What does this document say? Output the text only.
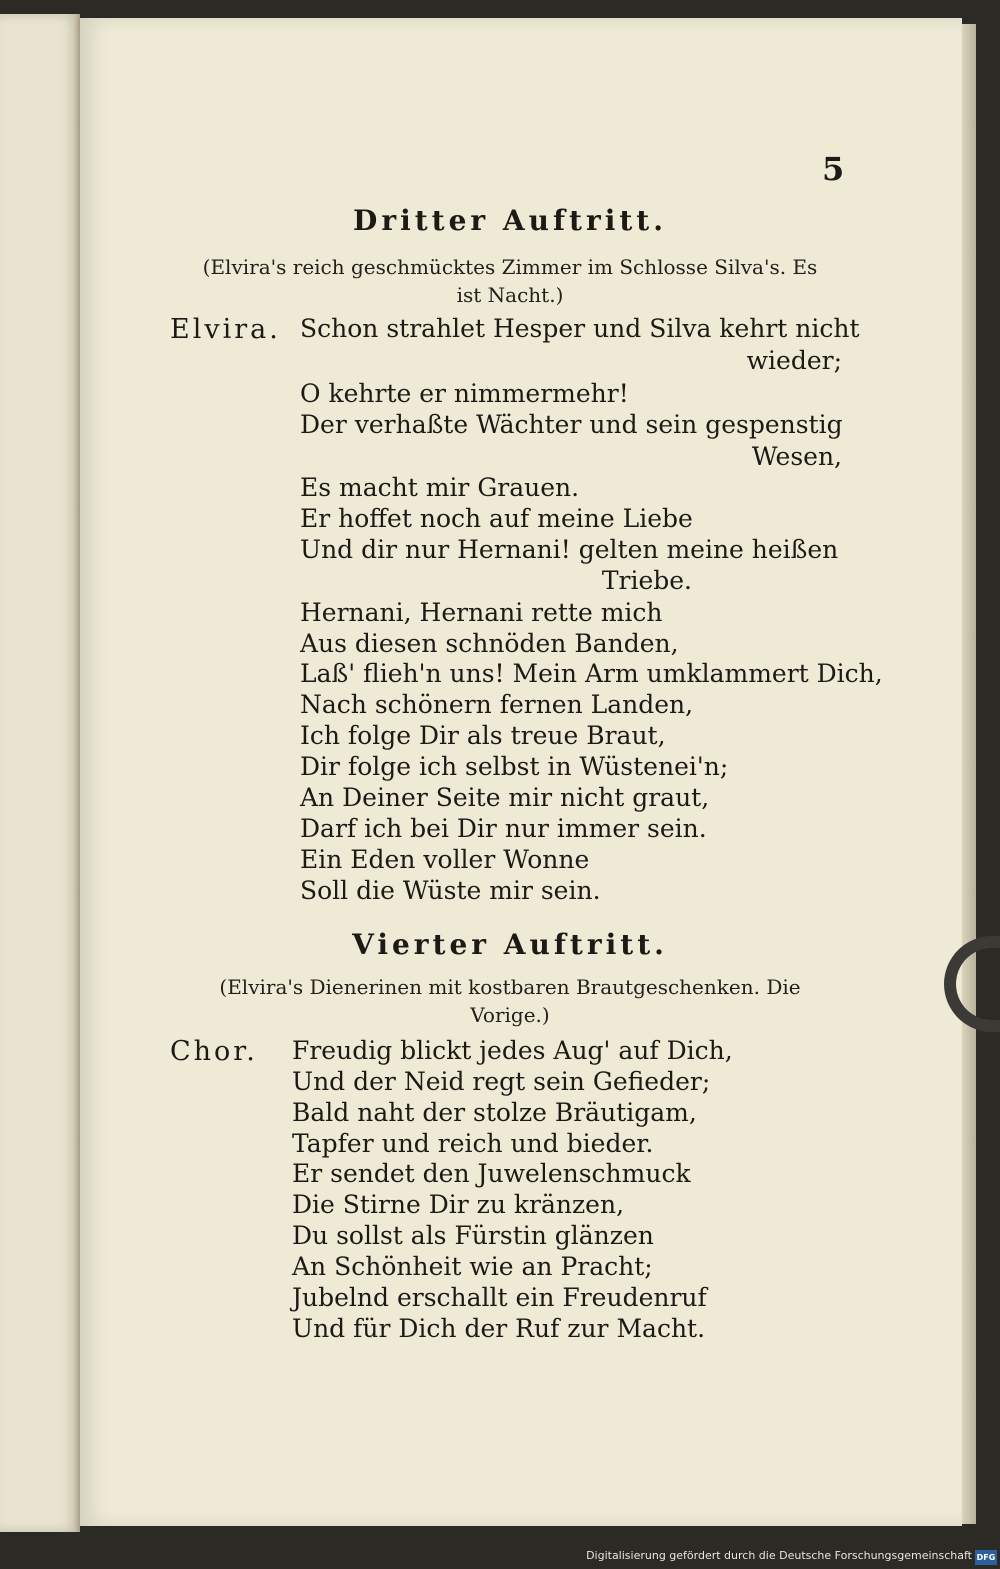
5
Dritter Auftritt.
(Elvira's reich geschmücktes Zimmer im Schlosse Silva's. Es
ist Nacht.)
Elvira. Schon strahlet Hesper und Silva kehrt nicht
wieder;
O kehrte er nimmermehr!
Der verhaßte Wächter und sein gespenstig
Wesen,
Es macht mir Grauen.
Er hoffet noch auf meine Liebe
Und dir nur Hernani! gelten meine heißen
Triebe.
Hernani, Hernani rette mich
Aus diesen schnöden Banden,
Laß' flieh'n uns! Mein Arm umklammert Dich,
Nach schönern fernen Landen,
Ich folge Dir als treue Braut,
Dir folge ich selbst in Wüstenei'n;
An Deiner Seite mir nicht graut,
Darf ich bei Dir nur immer sein.
Ein Eden voller Wonne
Soll die Wüste mir sein.
Vierter Auftritt.
(Elvira's Dienerinen mit kostbaren Brautgeschenken. Die
Vorige.)
Chor. Freudig blickt jedes Aug' auf Dich,
Und der Neid regt sein Gefieder;
Bald naht der stolze Bräutigam,
Tapfer und reich und bieder.
Er sendet den Juwelenschmuck
Die Stirne Dir zu kränzen,
Du sollst als Fürstin glänzen
An Schönheit wie an Pracht;
Jubelnd erschallt ein Freudenruf
Und für Dich der Ruf zur Macht.
Digitalisierung gefördert durch die Deutsche Forschungsgemeinschaft DFG
